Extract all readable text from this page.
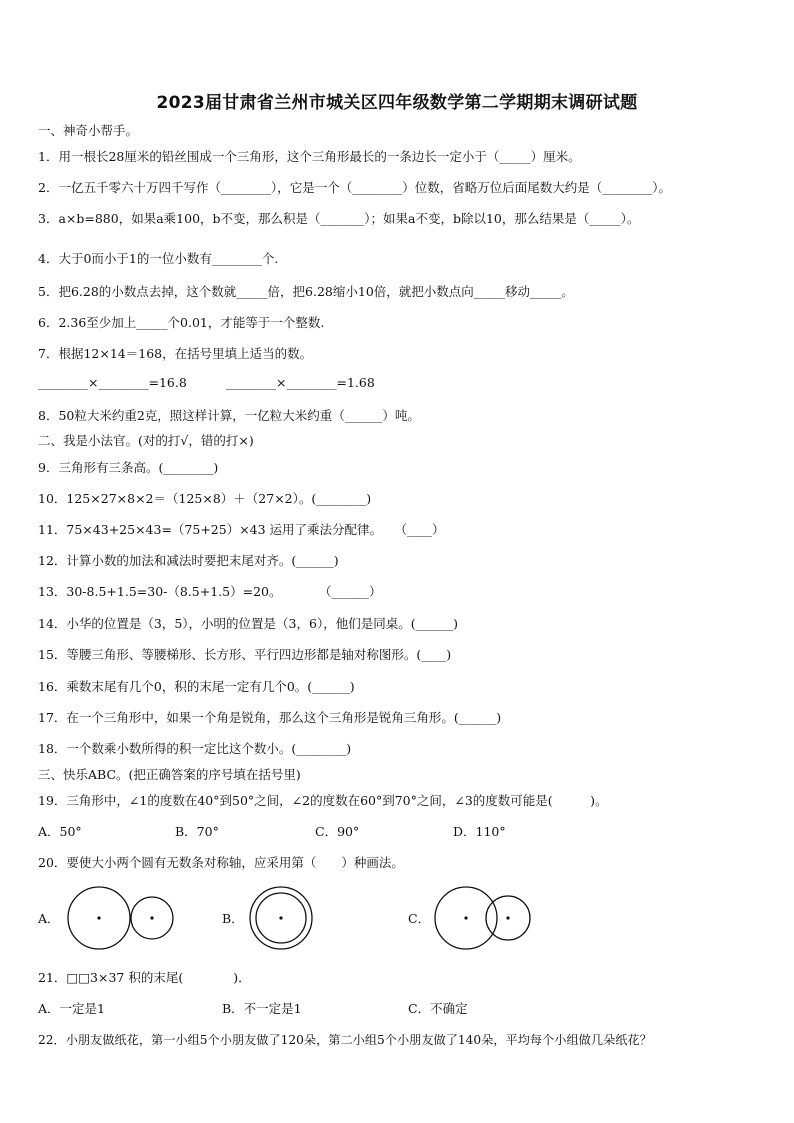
2023届甘肃省兰州市城关区四年级数学第二学期期末调研试题
一、神奇小帮手。
1．用一根长28厘米的铅丝围成一个三角形，这个三角形最长的一条边长一定小于（_____）厘米。
2．一亿五千零六十万四千写作（________），它是一个（________）位数，省略万位后面尾数大约是（________）。
3．a×b=880，如果a乘100，b不变，那么积是（_______）；如果a不变，b除以10，那么结果是（_____）。
4．大于0而小于1的一位小数有________个.
5．把6.28的小数点去掉，这个数就_____倍，把6.28缩小10倍，就把小数点向_____移动_____。
6．2.36至少加上_____个0.01，才能等于一个整数.
7．根据12×14＝168，在括号里填上适当的数。
________×________=16.8	________×________=1.68
8．50粒大米约重2克，照这样计算，一亿粒大米约重（______）吨。
二、我是小法官。(对的打√，错的打×)
9．三角形有三条高。(________)
10．125×27×8×2＝（125×8）＋（27×2）。(________)
11．75×43+25×43=（75+25）×43 运用了乘法分配律。　　（____）
12．计算小数的加法和减法时要把末尾对齐。(______)
13．30-8.5+1.5=30-（8.5+1.5）=20。　　　　（______）
14．小华的位置是（3，5），小明的位置是（3，6），他们是同桌。(______)
15．等腰三角形、等腰梯形、长方形、平行四边形都是轴对称图形。(____)
16．乘数末尾有几个0，积的末尾一定有几个0。(______)
17．在一个三角形中，如果一个角是锐角，那么这个三角形是锐角三角形。(______)
18．一个数乘小数所得的积一定比这个数小。(________)
三、快乐ABC。(把正确答案的序号填在括号里)
19．三角形中，∠1的度数在40°到50°之间，∠2的度数在60°到70°之间，∠3的度数可能是(　　　)。
A．50°	B．70°	C．90°	D．110°
20．要使大小两个圆有无数条对称轴，应采用第（　　）种画法。
A．	B．	C．
21．□□3×37 积的末尾(　　　　)．
A．一定是1	B．不一定是1	C．不确定
22．小朋友做纸花，第一小组5个小朋友做了120朵，第二小组5个小朋友做了140朵，平均每个小组做几朵纸花？
